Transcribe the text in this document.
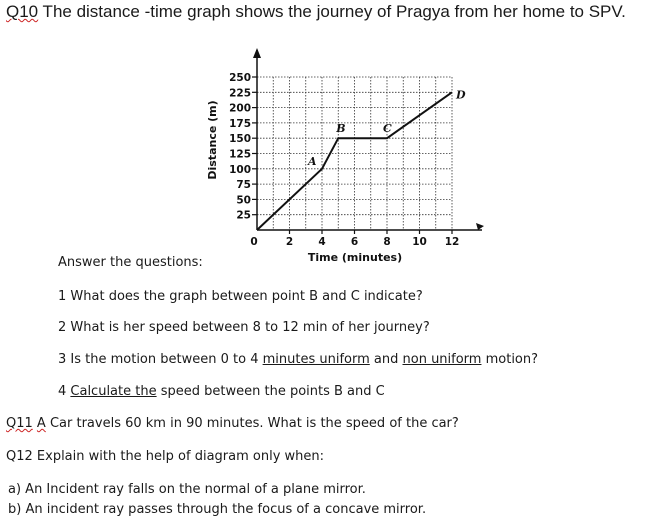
Q10 The distance -time graph shows the journey of Pragya from her home to SPV.
250
225
200
175
150
125
100
75
50
25
0	2 4 6 8 10 12
A
B	C
D
Time (minutes)
Distance (m)
Answer the questions:
1 What does the graph between point B and C indicate?
2 What is her speed between 8 to 12 min of her journey?
3 Is the motion between 0 to 4 minutes uniform and non uniform motion?
4 Calculate the speed between the points B and C
Q11 A Car travels 60 km in 90 minutes. What is the speed of the car?
Q12 Explain with the help of diagram only when:
a) An Incident ray falls on the normal of a plane mirror.
b) An incident ray passes through the focus of a concave mirror.
